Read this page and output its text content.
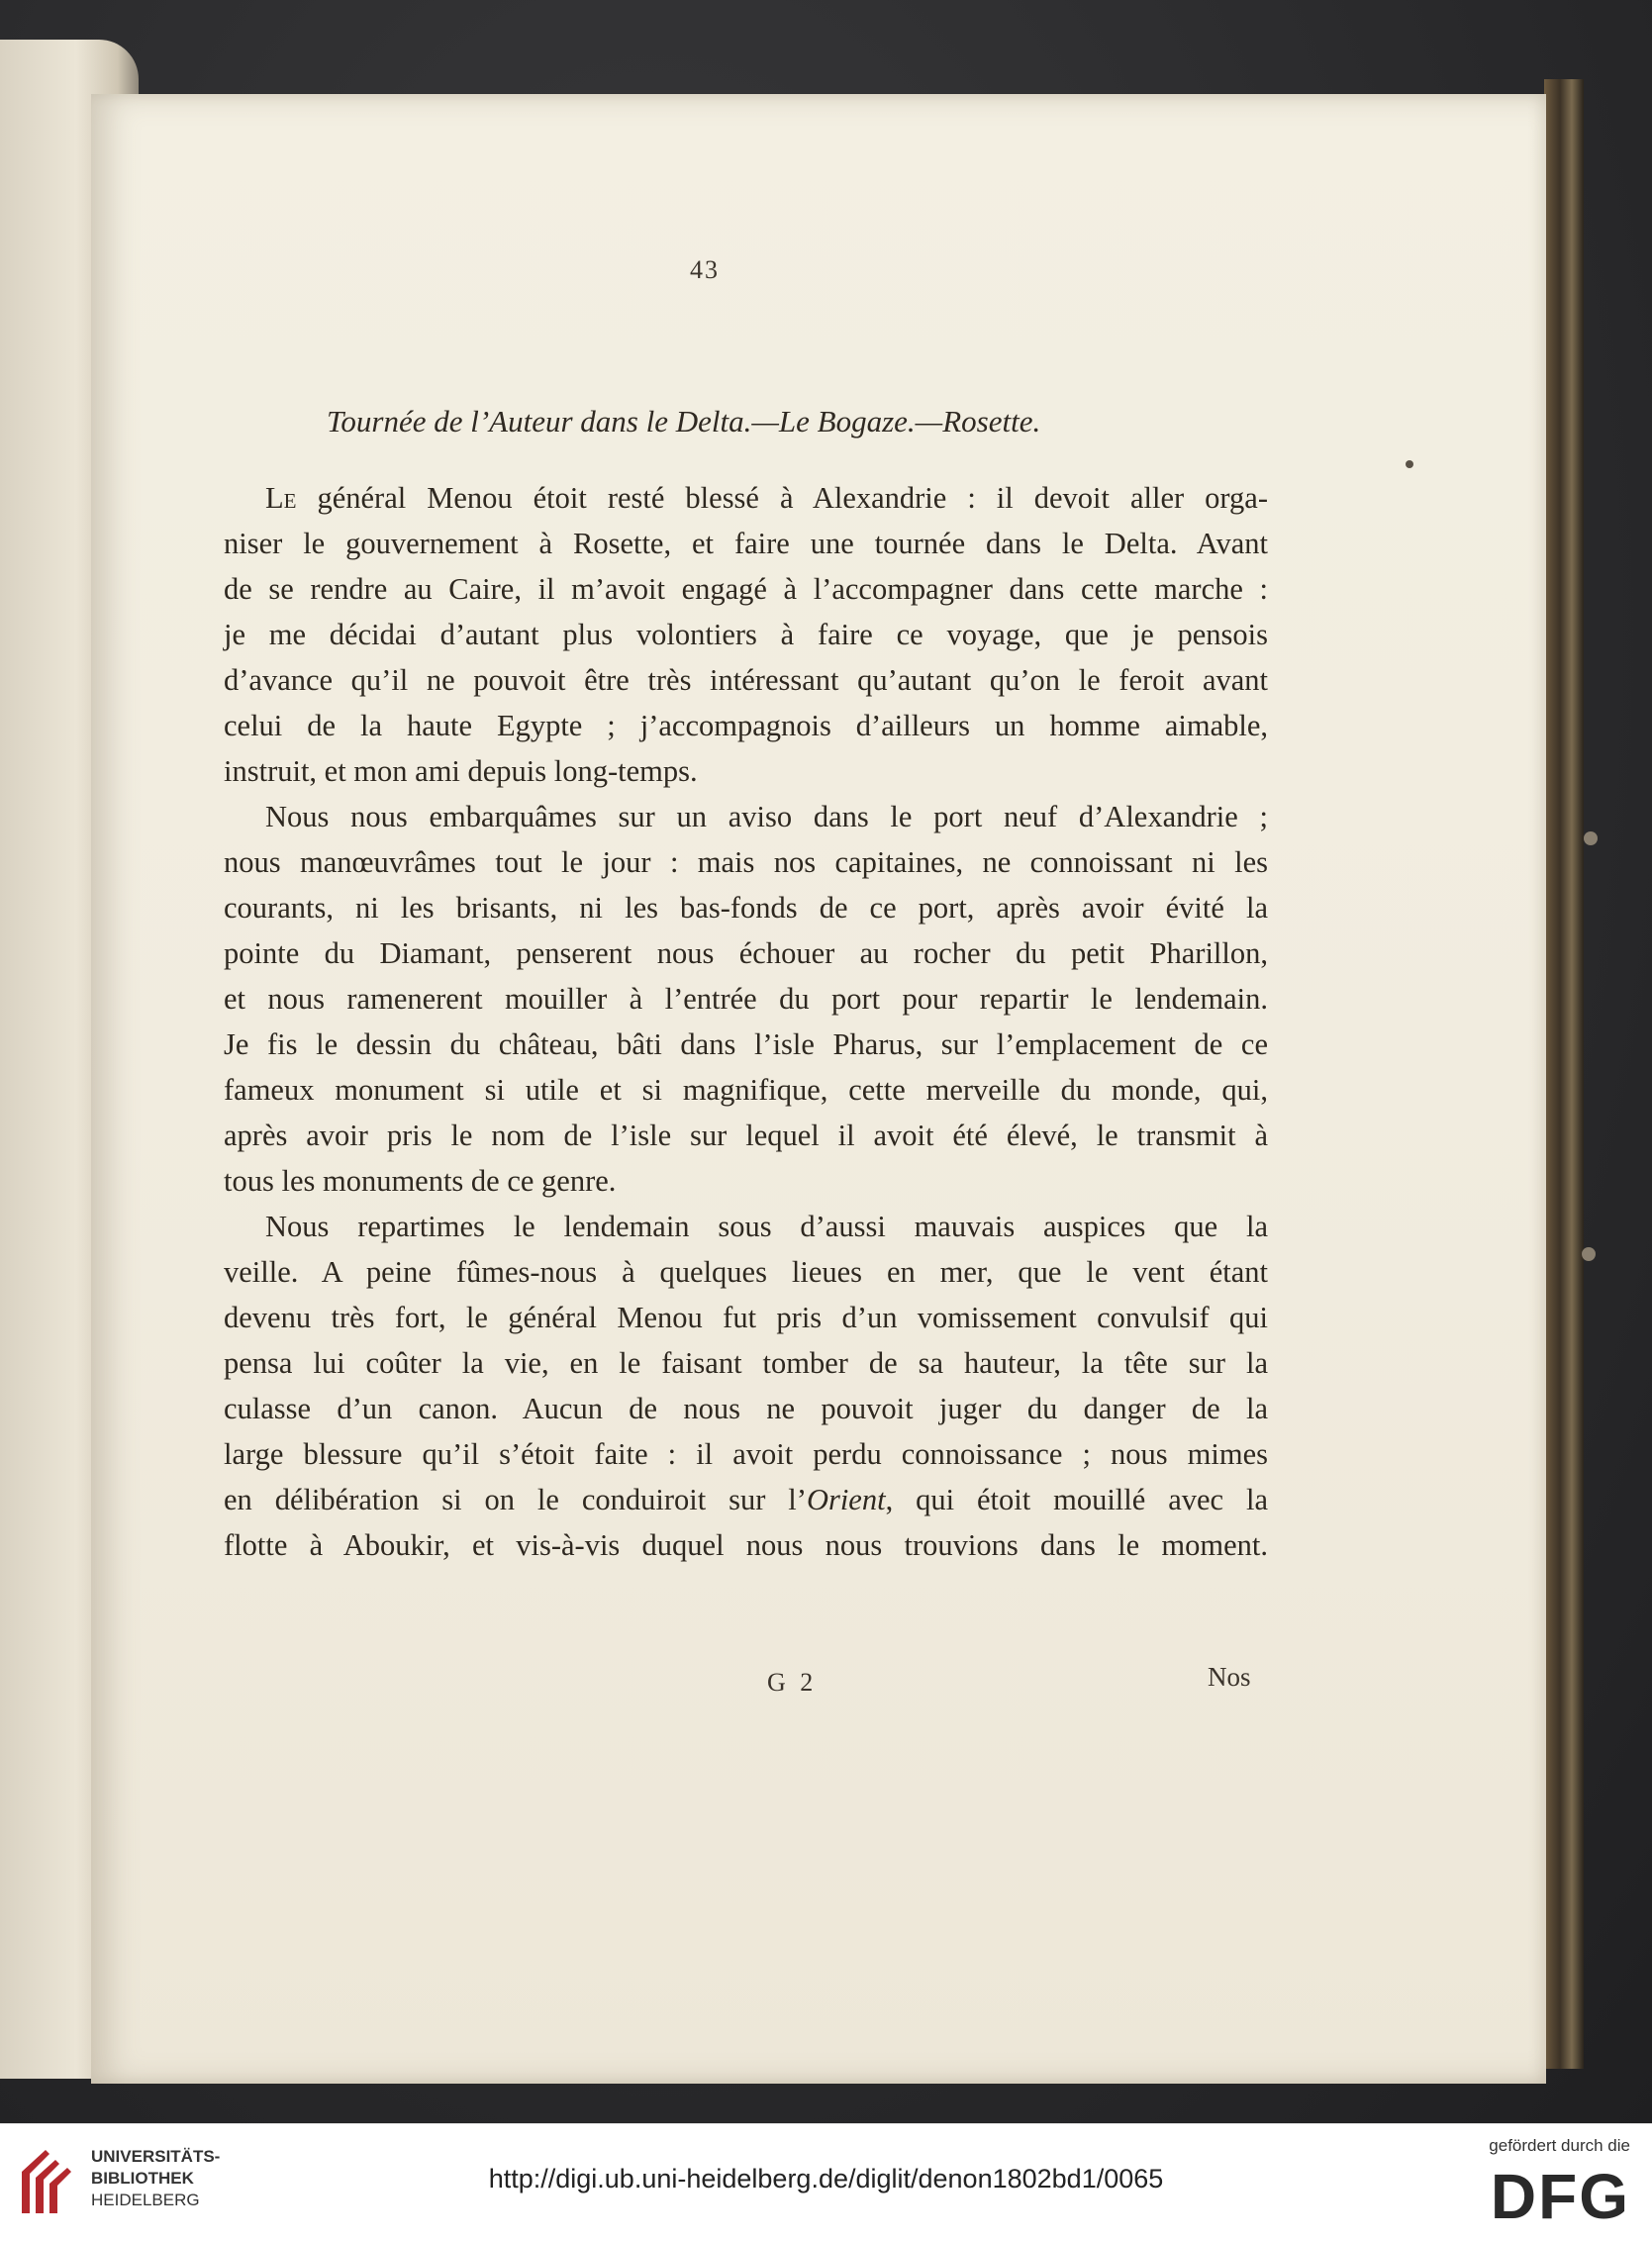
43
Tournée de l’Auteur dans le Delta.—Le Bogaze.—Rosette.
Le général Menou étoit resté blessé à Alexandrie : il devoit aller orga-
niser le gouvernement à Rosette, et faire une tournée dans le Delta. Avant
de se rendre au Caire, il m’avoit engagé à l’accompagner dans cette marche :
je me décidai d’autant plus volontiers à faire ce voyage, que je pensois
d’avance qu’il ne pouvoit être très intéressant qu’autant qu’on le feroit avant
celui de la haute Egypte ; j’accompagnois d’ailleurs un homme aimable,
instruit, et mon ami depuis long-temps.
Nous nous embarquâmes sur un aviso dans le port neuf d’Alexandrie ;
nous manœuvrâmes tout le jour : mais nos capitaines, ne connoissant ni les
courants, ni les brisants, ni les bas-fonds de ce port, après avoir évité la
pointe du Diamant, penserent nous échouer au rocher du petit Pharillon,
et nous ramenerent mouiller à l’entrée du port pour repartir le lendemain.
Je fis le dessin du château, bâti dans l’isle Pharus, sur l’emplacement de ce
fameux monument si utile et si magnifique, cette merveille du monde, qui,
après avoir pris le nom de l’isle sur lequel il avoit été élevé, le transmit à
tous les monuments de ce genre.
Nous repartimes le lendemain sous d’aussi mauvais auspices que la
veille. A peine fûmes-nous à quelques lieues en mer, que le vent étant
devenu très fort, le général Menou fut pris d’un vomissement convulsif qui
pensa lui coûter la vie, en le faisant tomber de sa hauteur, la tête sur la
culasse d’un canon. Aucun de nous ne pouvoit juger du danger de la
large blessure qu’il s’étoit faite : il avoit perdu connoissance ; nous mimes
en délibération si on le conduiroit sur l’Orient, qui étoit mouillé avec la
flotte à Aboukir, et vis-à-vis duquel nous nous trouvions dans le moment.
G 2	Nos
UNIVERSITÄTS-
BIBLIOTHEK
HEIDELBERG
http://digi.ub.uni-heidelberg.de/diglit/denon1802bd1/0065
gefördert durch die
DFG
